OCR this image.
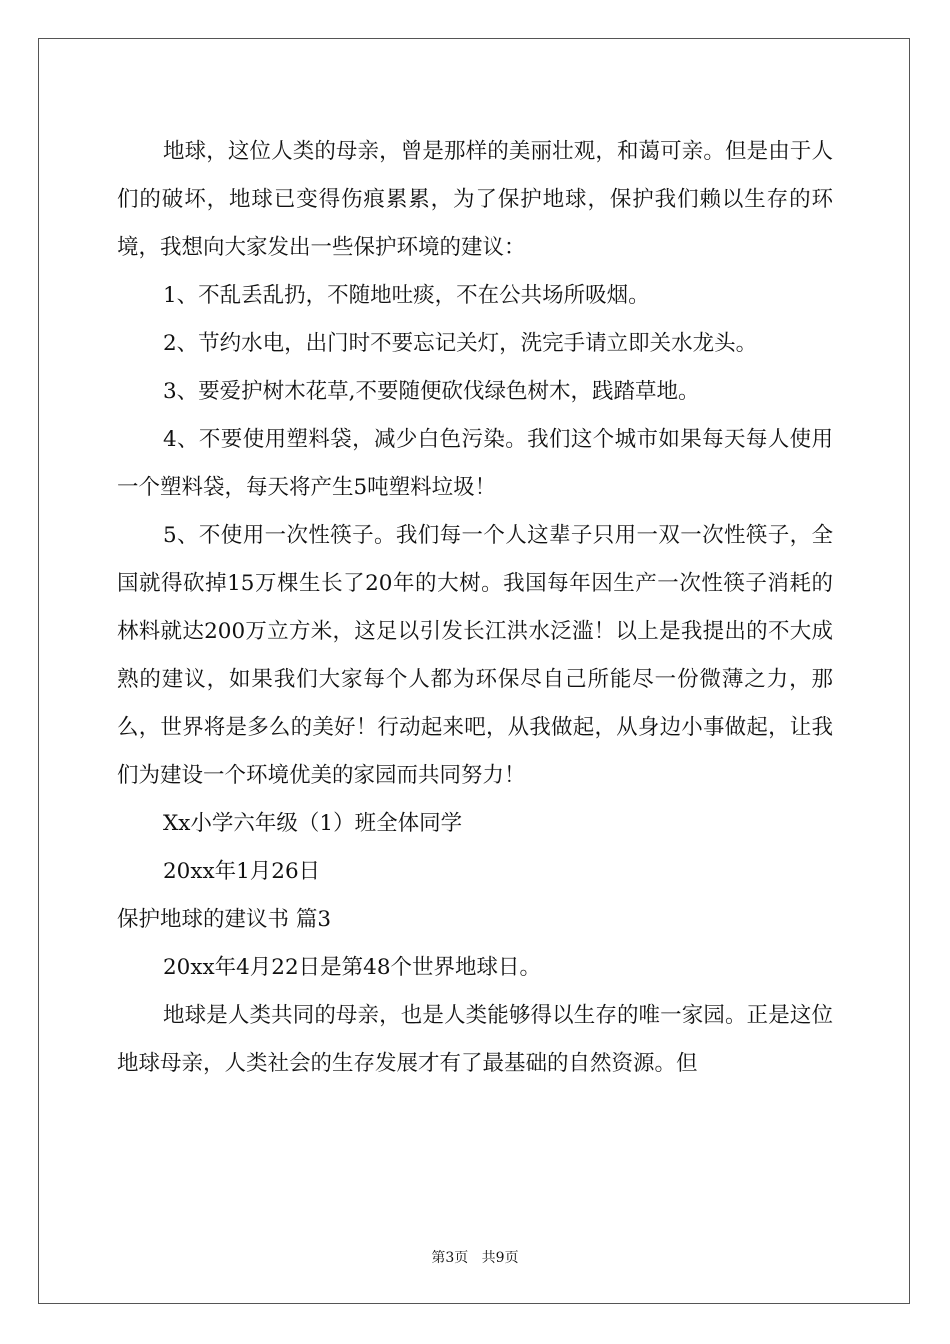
地球，这位人类的母亲，曾是那样的美丽壮观，和蔼可亲。但是由于人们的破坏，地球已变得伤痕累累，为了保护地球，保护我们赖以生存的环境，我想向大家发出一些保护环境的建议：

1、不乱丢乱扔，不随地吐痰，不在公共场所吸烟。

2、节约水电，出门时不要忘记关灯，洗完手请立即关水龙头。

3、要爱护树木花草,不要随便砍伐绿色树木，践踏草地。

4、不要使用塑料袋，减少白色污染。我们这个城市如果每天每人使用一个塑料袋，每天将产生5吨塑料垃圾！

5、不使用一次性筷子。我们每一个人这辈子只用一双一次性筷子，全国就得砍掉15万棵生长了20年的大树。我国每年因生产一次性筷子消耗的林料就达200万立方米，这足以引发长江洪水泛滥！以上是我提出的不大成熟的建议，如果我们大家每个人都为环保尽自己所能尽一份微薄之力，那么，世界将是多么的美好！行动起来吧，从我做起，从身边小事做起，让我们为建设一个环境优美的家园而共同努力！

Xx小学六年级（1）班全体同学

20xx年1月26日

保护地球的建议书 篇3

20xx年4月22日是第48个世界地球日。

地球是人类共同的母亲，也是人类能够得以生存的唯一家园。正是这位地球母亲，人类社会的生存发展才有了最基础的自然资源。但

第3页 共9页
